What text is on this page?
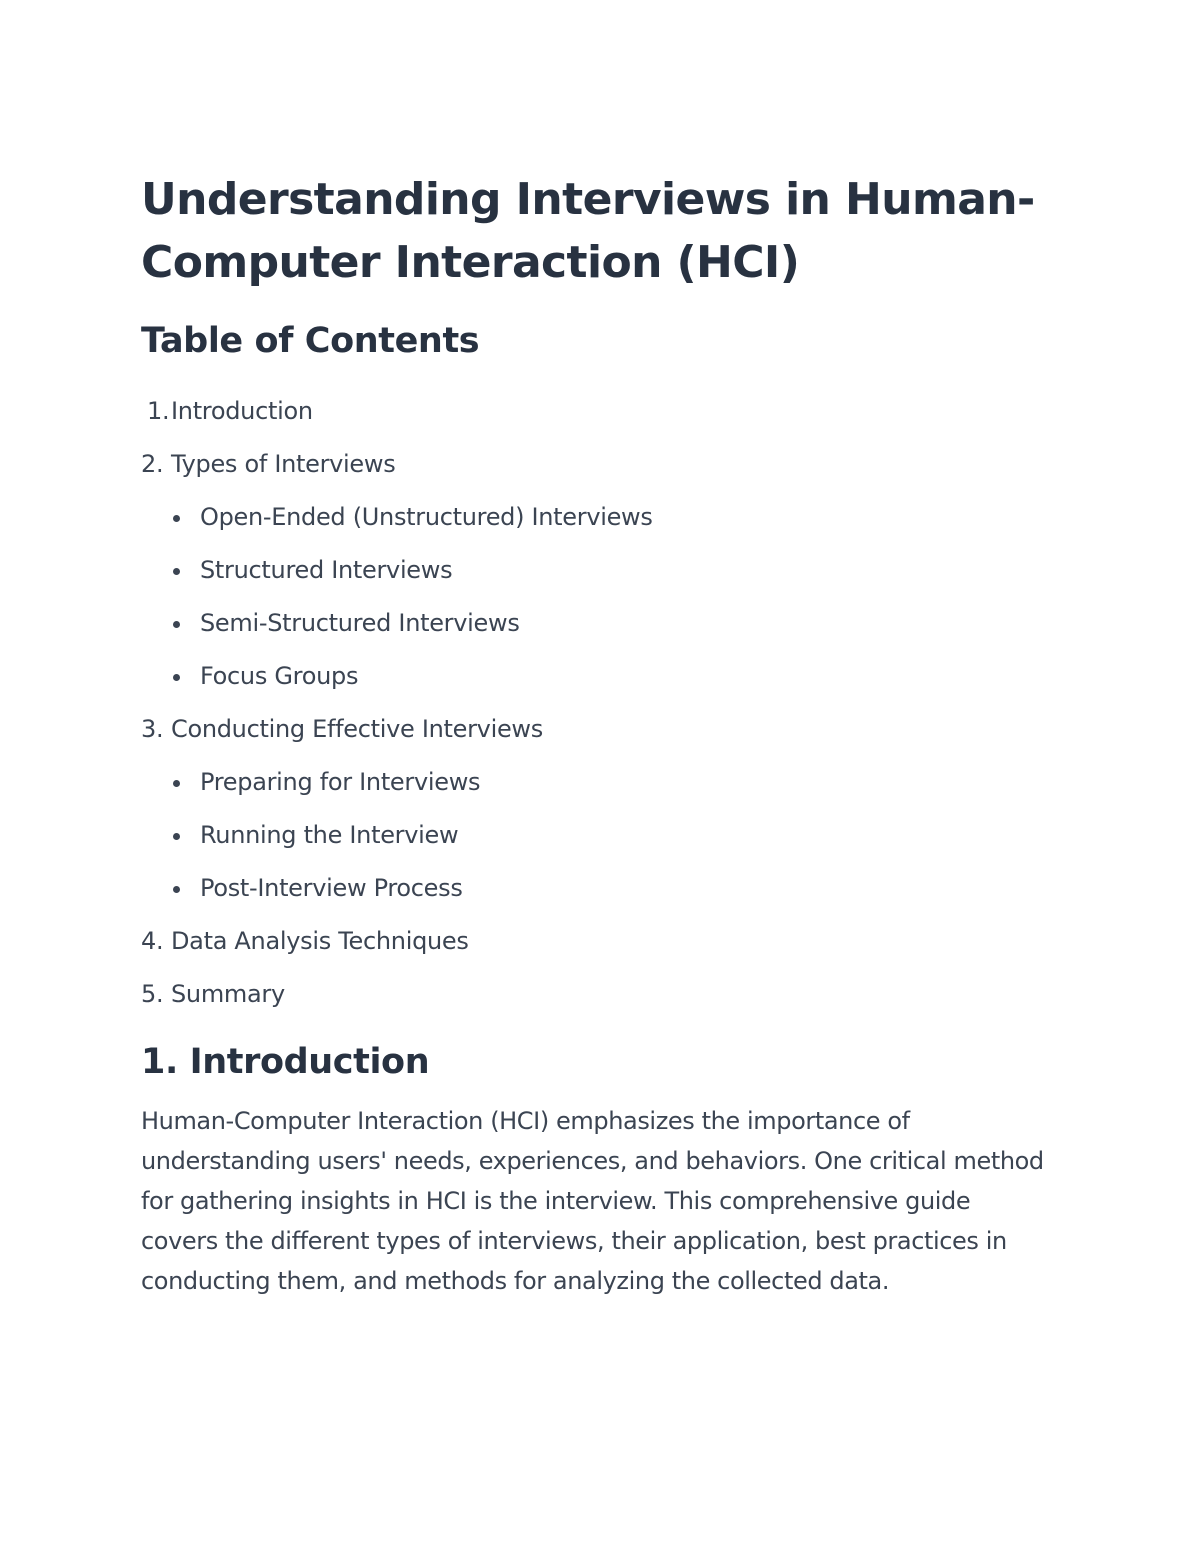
Understanding Interviews in Human-Computer Interaction (HCI)
Table of Contents
1.Introduction
2. Types of Interviews
Open-Ended (Unstructured) Interviews
Structured Interviews
Semi-Structured Interviews
Focus Groups
3. Conducting Effective Interviews
Preparing for Interviews
Running the Interview
Post-Interview Process
4. Data Analysis Techniques
5. Summary
1. Introduction

Human-Computer Interaction (HCI) emphasizes the importance of understanding users' needs, experiences, and behaviors. One critical method for gathering insights in HCI is the interview. This comprehensive guide covers the different types of interviews, their application, best practices in conducting them, and methods for analyzing the collected data.
